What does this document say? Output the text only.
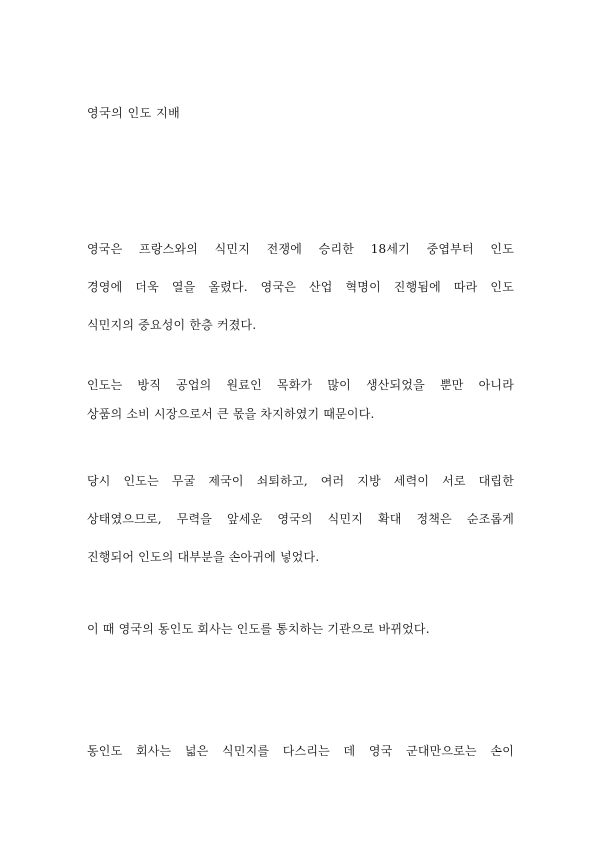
영국의 인도 지배
영국은 프랑스와의 식민지 전쟁에 승리한 18세기 중엽부터 인도
경영에 더욱 열을 올렸다. 영국은 산업 혁명이 진행됨에 따라 인도
식민지의 중요성이 한층 커졌다.
인도는 방직 공업의 원료인 목화가 많이 생산되었을 뿐만 아니라
상품의 소비 시장으로서 큰 몫을 차지하였기 때문이다.
당시 인도는 무굴 제국이 쇠퇴하고, 여러 지방 세력이 서로 대립한
상태였으므로, 무력을 앞세운 영국의 식민지 확대 정책은 순조롭게
진행되어 인도의 대부분을 손아귀에 넣었다.
이 때 영국의 동인도 회사는 인도를 통치하는 기관으로 바뀌었다.
동인도 회사는 넓은 식민지를 다스리는 데 영국 군대만으로는 손이
